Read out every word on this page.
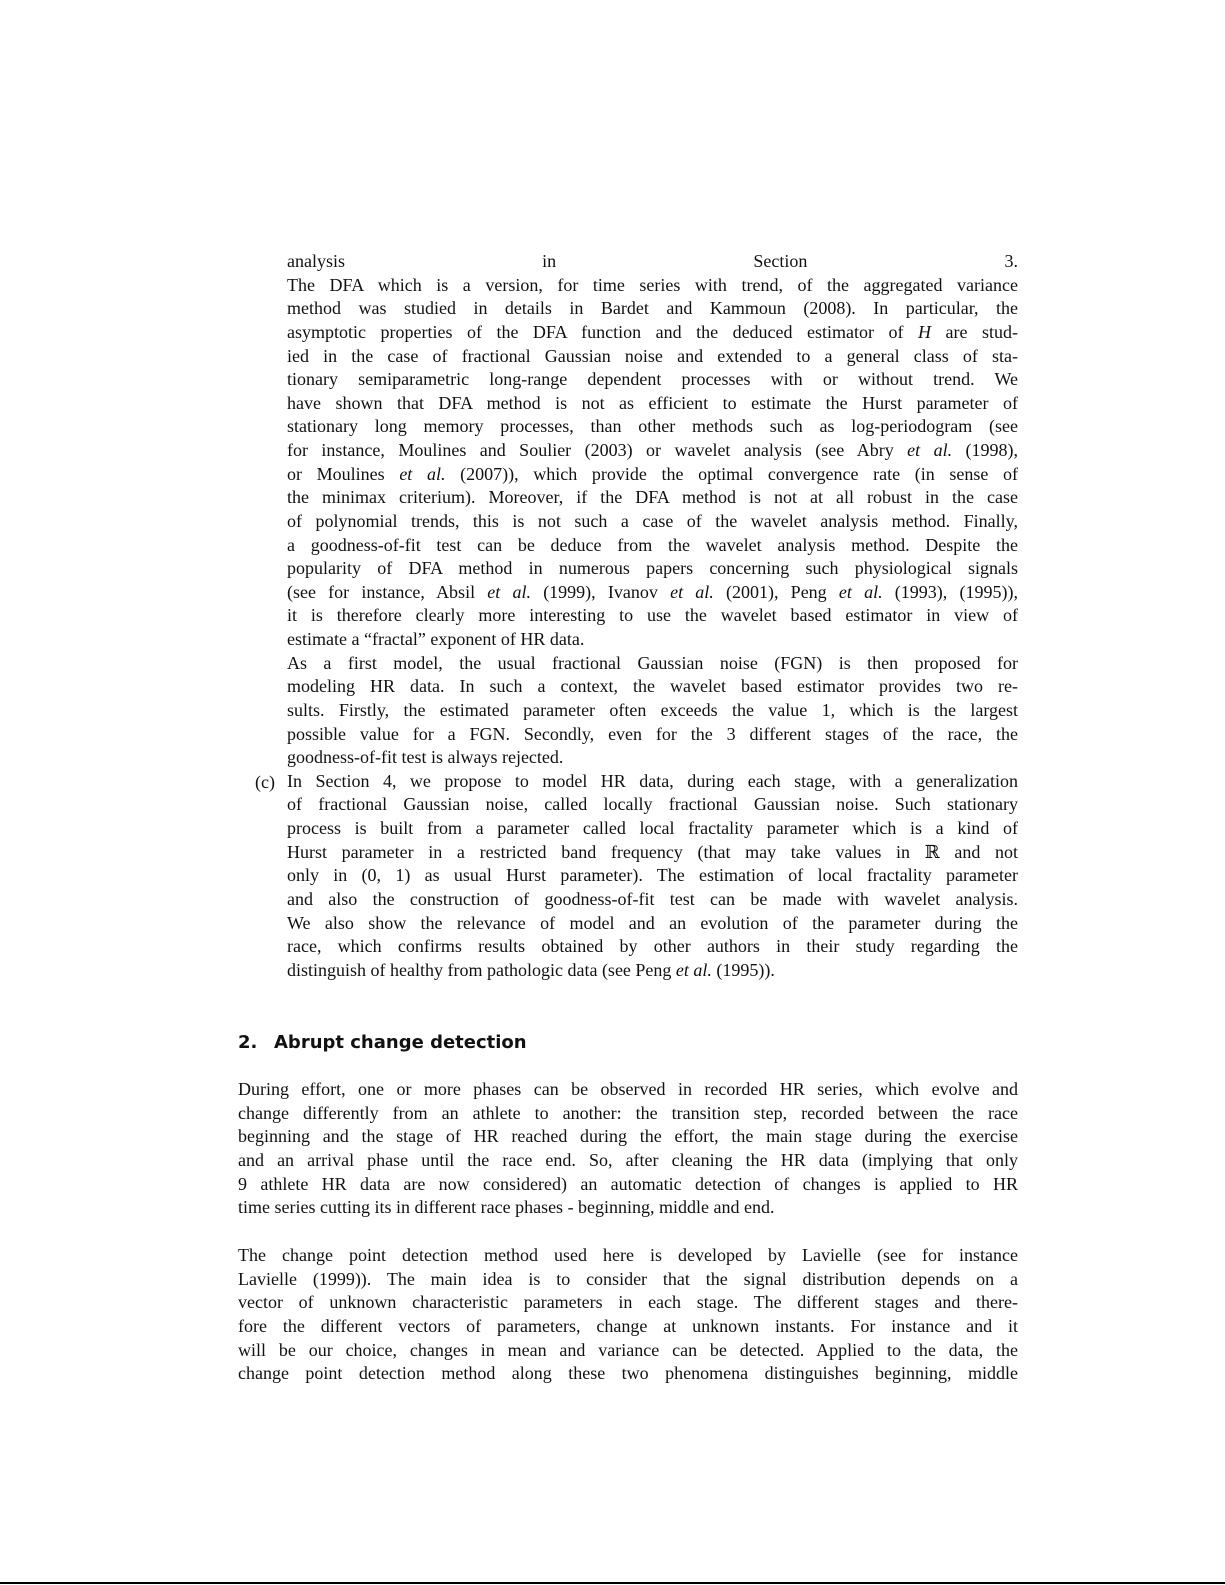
analysis in Section 3.
The DFA which is a version, for time series with trend, of the aggregated variance
method was studied in details in Bardet and Kammoun (2008). In particular, the
asymptotic properties of the DFA function and the deduced estimator of H are stud-
ied in the case of fractional Gaussian noise and extended to a general class of sta-
tionary semiparametric long-range dependent processes with or without trend. We
have shown that DFA method is not as efficient to estimate the Hurst parameter of
stationary long memory processes, than other methods such as log-periodogram (see
for instance, Moulines and Soulier (2003) or wavelet analysis (see Abry et al. (1998),
or Moulines et al. (2007)), which provide the optimal convergence rate (in sense of
the minimax criterium). Moreover, if the DFA method is not at all robust in the case
of polynomial trends, this is not such a case of the wavelet analysis method. Finally,
a goodness-of-fit test can be deduce from the wavelet analysis method. Despite the
popularity of DFA method in numerous papers concerning such physiological signals
(see for instance, Absil et al. (1999), Ivanov et al. (2001), Peng et al. (1993), (1995)),
it is therefore clearly more interesting to use the wavelet based estimator in view of
estimate a “fractal” exponent of HR data.
As a first model, the usual fractional Gaussian noise (FGN) is then proposed for
modeling HR data. In such a context, the wavelet based estimator provides two re-
sults. Firstly, the estimated parameter often exceeds the value 1, which is the largest
possible value for a FGN. Secondly, even for the 3 different stages of the race, the
goodness-of-fit test is always rejected.
In Section 4, we propose to model HR data, during each stage, with a generalization
of fractional Gaussian noise, called locally fractional Gaussian noise. Such stationary
process is built from a parameter called local fractality parameter which is a kind of
Hurst parameter in a restricted band frequency (that may take values in ℝ and not
only in (0, 1) as usual Hurst parameter). The estimation of local fractality parameter
and also the construction of goodness-of-fit test can be made with wavelet analysis.
We also show the relevance of model and an evolution of the parameter during the
race, which confirms results obtained by other authors in their study regarding the
distinguish of healthy from pathologic data (see Peng et al. (1995)).
(c)
2. Abrupt change detection
During effort, one or more phases can be observed in recorded HR series, which evolve and
change differently from an athlete to another: the transition step, recorded between the race
beginning and the stage of HR reached during the effort, the main stage during the exercise
and an arrival phase until the race end. So, after cleaning the HR data (implying that only
9 athlete HR data are now considered) an automatic detection of changes is applied to HR
time series cutting its in different race phases - beginning, middle and end.
The change point detection method used here is developed by Lavielle (see for instance
Lavielle (1999)). The main idea is to consider that the signal distribution depends on a
vector of unknown characteristic parameters in each stage. The different stages and there-
fore the different vectors of parameters, change at unknown instants. For instance and it
will be our choice, changes in mean and variance can be detected. Applied to the data, the
change point detection method along these two phenomena distinguishes beginning, middle
